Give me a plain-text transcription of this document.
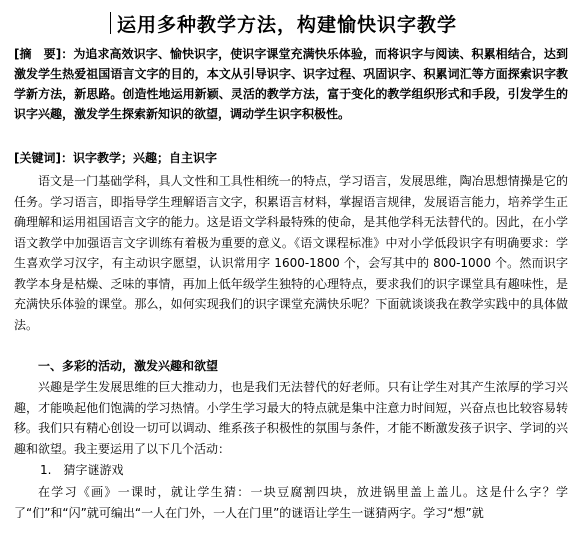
运用多种教学方法，构建愉快识字教学
[摘　要]：为追求高效识字、愉快识字，使识字课堂充满快乐体验，而将识字与阅读、积累相结合，达到激发学生热爱祖国语言文字的目的，本文从引导识字、识字过程、巩固识字、积累词汇等方面探索识字教学新方法，新思路。创造性地运用新颖、灵活的教学方法，富于变化的教学组织形式和手段，引发学生的识字兴趣，激发学生探索新知识的欲望，调动学生识字积极性。
[关键词]：识字教学；兴趣；自主识字
语文是一门基础学科，具人文性和工具性相统一的特点，学习语言，发展思维，陶冶思想情操是它的任务。学习语言，即指导学生理解语言文字，积累语言材料，掌握语言规律，发展语言能力，培养学生正确理解和运用祖国语言文字的能力。这是语文学科最特殊的使命，是其他学科无法替代的。因此，在小学语文教学中加强语言文字训练有着极为重要的意义。《语文课程标准》中对小学低段识字有明确要求：学生喜欢学习汉字，有主动识字愿望，认识常用字 1600-1800 个，会写其中的 800-1000 个。然而识字教学本身是枯燥、乏味的事情，再加上低年级学生独特的心理特点，要求我们的识字课堂具有趣味性，是充满快乐体验的课堂。那么，如何实现我们的识字课堂充满快乐呢？下面就谈谈我在教学实践中的具体做法。
一、多彩的活动，激发兴趣和欲望
兴趣是学生发展思维的巨大推动力，也是我们无法替代的好老师。只有让学生对其产生浓厚的学习兴趣，才能唤起他们饱满的学习热情。小学生学习最大的特点就是集中注意力时间短，兴奋点也比较容易转移。我们只有精心创设一切可以调动、维系孩子积极性的氛围与条件，才能不断激发孩子识字、学词的兴趣和欲望。我主要运用了以下几个活动：
1.　猜字谜游戏
在学习《画》一课时，就让学生猜：一块豆腐割四块，放进锅里盖上盖儿。这是什么字？学了“们”和“闪”就可编出“一人在门外，一人在门里”的谜语让学生一谜猜两字。学习“想”就
